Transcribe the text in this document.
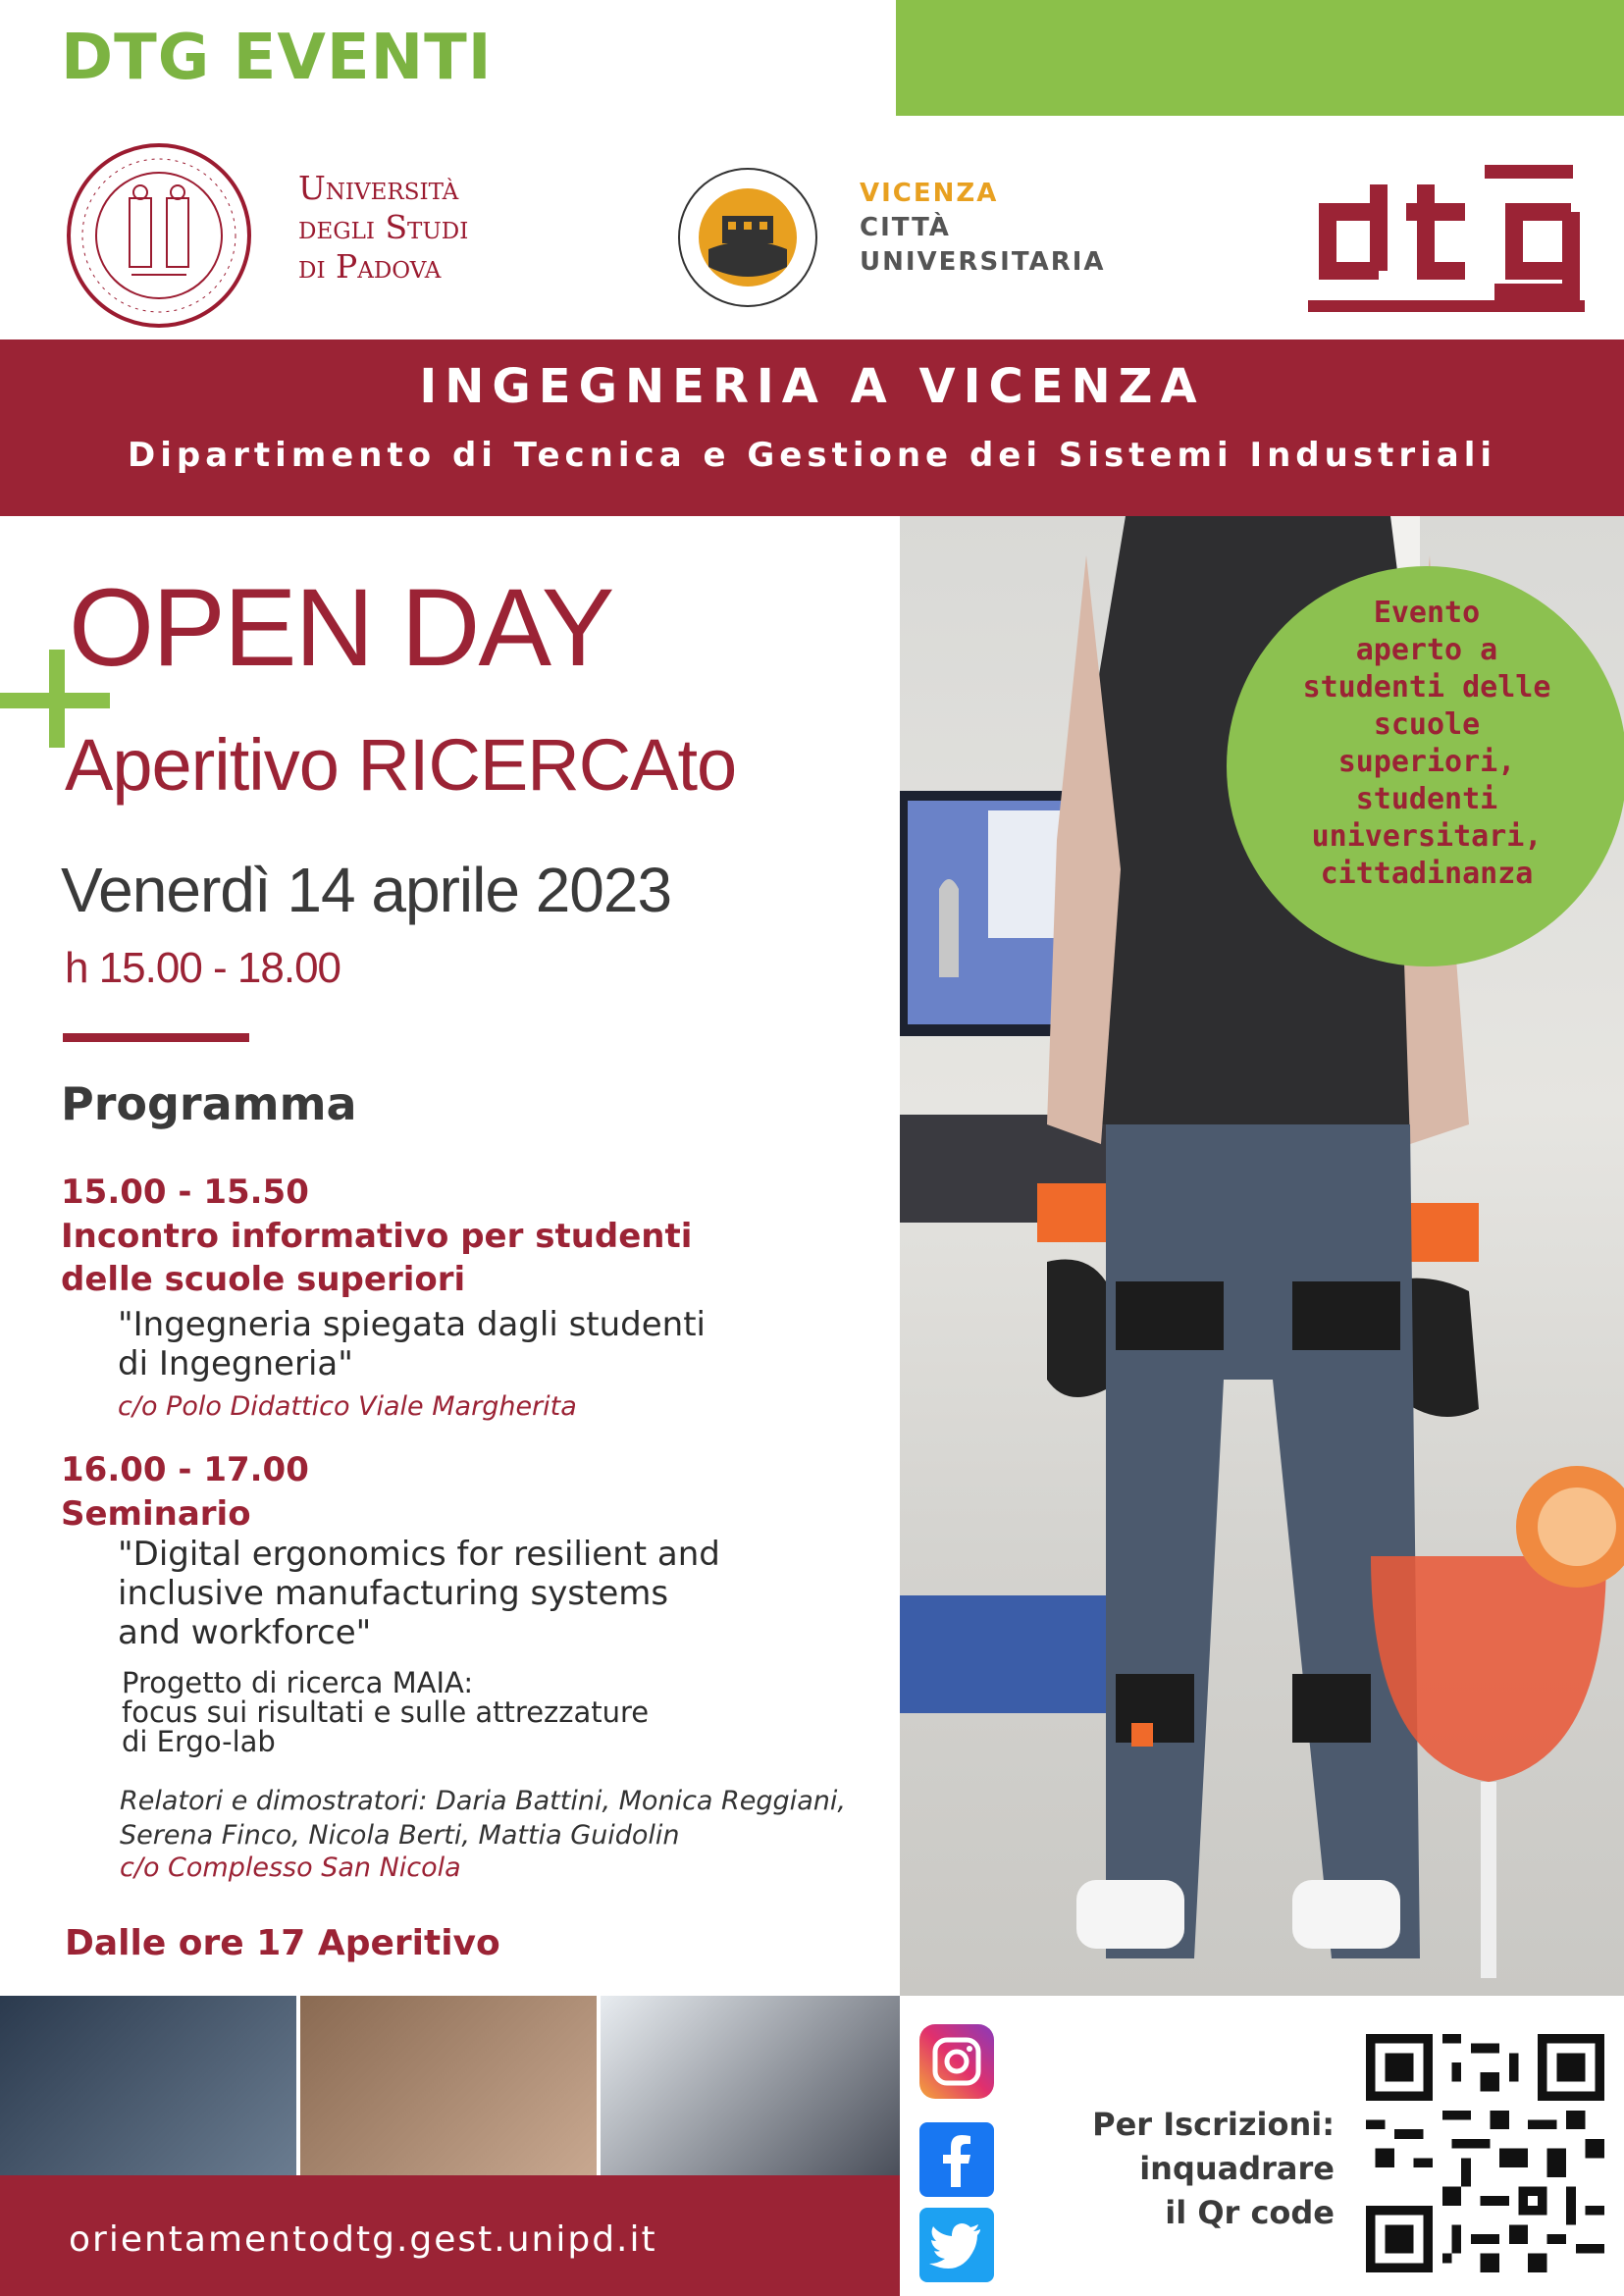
DTG EVENTI
Università
degli Studi
di Padova
VICENZA
CITTÀ
UNIVERSITARIA
INGEGNERIA A VICENZA
Dipartimento di Tecnica e Gestione dei Sistemi Industriali
Evento
aperto a
studenti delle
scuole
superiori,
studenti
universitari,
cittadinanza
OPEN DAY
Aperitivo RICERCAto
Venerdì 14 aprile 2023
h 15.00 - 18.00
Programma
15.00 - 15.50
Incontro informativo per studenti
delle scuole superiori
"Ingegneria spiegata dagli studenti
di Ingegneria"
c/o Polo Didattico Viale Margherita
16.00 - 17.00
Seminario
"Digital ergonomics for resilient and
inclusive manufacturing systems
and workforce"
Progetto di ricerca MAIA:
focus sui risultati e sulle attrezzature
di Ergo-lab
Relatori e dimostratori: Daria Battini, Monica Reggiani,
Serena Finco, Nicola Berti, Mattia Guidolin
c/o Complesso San Nicola
Dalle ore 17 Aperitivo
orientamentodtg.gest.unipd.it
Per Iscrizioni:
inquadrare
il Qr code
